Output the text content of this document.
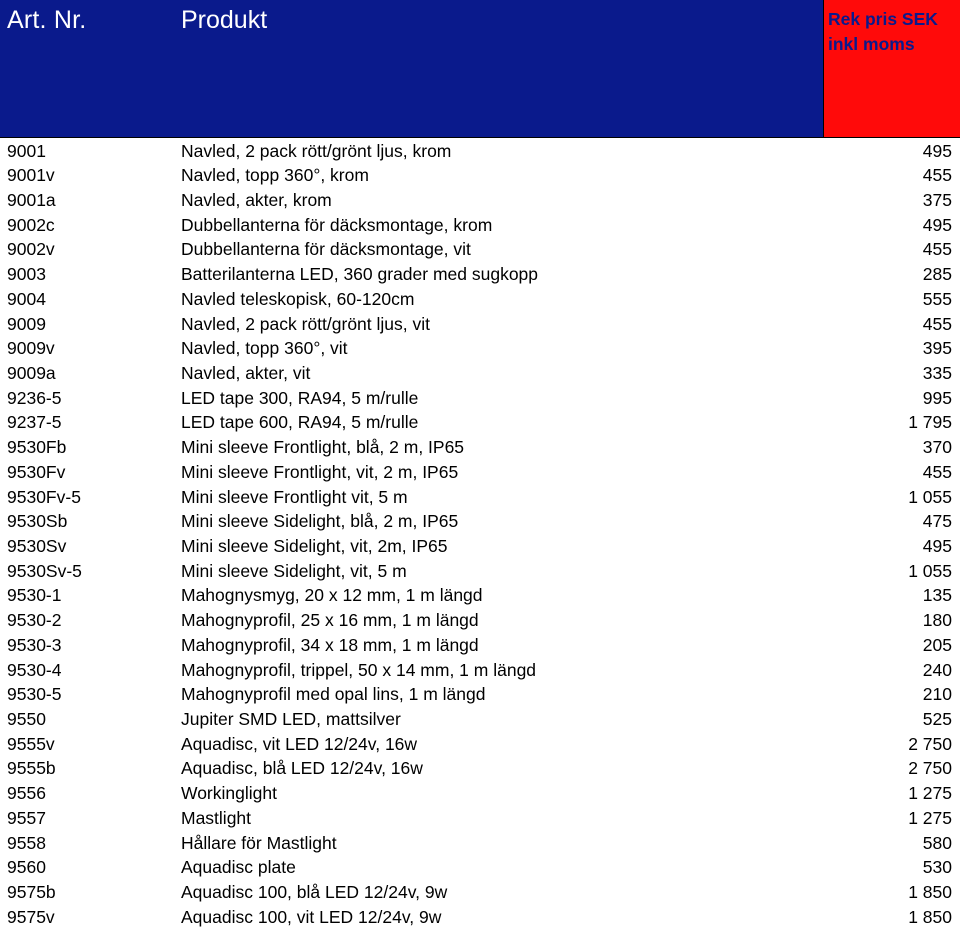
Art. Nr.	Produkt	Rek pris SEK
inkl moms
9001	Navled, 2 pack rött/grönt ljus, krom	495
9001v	Navled, topp 360°, krom	455
9001a	Navled, akter, krom	375
9002c	Dubbellanterna för däcksmontage, krom	495
9002v	Dubbellanterna för däcksmontage, vit	455
9003	Batterilanterna LED, 360 grader med sugkopp	285
9004	Navled teleskopisk, 60-120cm	555
9009	Navled, 2 pack rött/grönt ljus, vit	455
9009v	Navled, topp 360°, vit	395
9009a	Navled, akter, vit	335
9236-5	LED tape 300, RA94, 5 m/rulle	995
9237-5	LED tape 600, RA94, 5 m/rulle	1 795
9530Fb	Mini sleeve Frontlight, blå, 2 m, IP65	370
9530Fv	Mini sleeve Frontlight, vit, 2 m, IP65	455
9530Fv-5	Mini sleeve Frontlight vit, 5 m	1 055
9530Sb	Mini sleeve Sidelight, blå, 2 m, IP65	475
9530Sv	Mini sleeve Sidelight, vit, 2m, IP65	495
9530Sv-5	Mini sleeve Sidelight, vit, 5 m	1 055
9530-1	Mahognysmyg, 20 x 12 mm, 1 m längd	135
9530-2	Mahognyprofil, 25 x 16 mm, 1 m längd	180
9530-3	Mahognyprofil, 34 x 18 mm, 1 m längd	205
9530-4	Mahognyprofil, trippel, 50 x 14 mm, 1 m längd	240
9530-5	Mahognyprofil med opal lins, 1 m längd	210
9550	Jupiter SMD LED, mattsilver	525
9555v	Aquadisc, vit LED 12/24v, 16w	2 750
9555b	Aquadisc, blå LED 12/24v, 16w	2 750
9556	Workinglight	1 275
9557	Mastlight	1 275
9558	Hållare för Mastlight	580
9560	Aquadisc plate	530
9575b	Aquadisc 100, blå LED 12/24v, 9w	1 850
9575v	Aquadisc 100, vit LED 12/24v, 9w	1 850
